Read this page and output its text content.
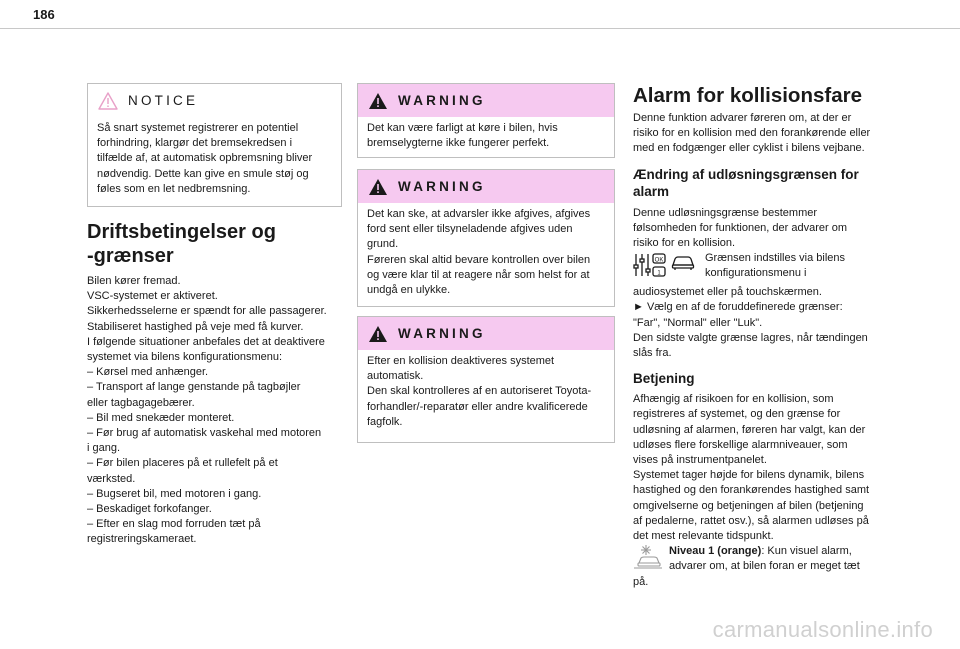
186
NOTICE
Så snart systemet registrerer en potentiel
forhindring, klargør det bremsekredsen i
tilfælde af, at automatisk opbremsning bliver
nødvendig. Dette kan give en smule støj og
føles som en let nedbremsning.
Driftsbetingelser og
-grænser

Bilen kører fremad.
VSC-systemet er aktiveret.
Sikkerhedsselerne er spændt for alle passagerer.
Stabiliseret hastighed på veje med få kurver.
I følgende situationer anbefales det at deaktivere
systemet via bilens konfigurationsmenu:
– Kørsel med anhænger.
– Transport af lange genstande på tagbøjler
eller tagbagagebærer.
– Bil med snekæder monteret.
– Før brug af automatisk vaskehal med motoren
i gang.
– Før bilen placeres på et rullefelt på et
værksted.
– Bugseret bil, med motoren i gang.
– Beskadiget forkofanger.
– Efter en slag mod forruden tæt på
registreringskameraet.

WARNING
Det kan være farligt at køre i bilen, hvis
bremselygterne ikke fungerer perfekt.
WARNING
Det kan ske, at advarsler ikke afgives, afgives
ford sent eller tilsyneladende afgives uden
grund.
Føreren skal altid bevare kontrollen over bilen
og være klar til at reagere når som helst for at
undgå en ulykke.
WARNING
Efter en kollision deaktiveres systemet
automatisk.
Den skal kontrolleres af en autoriseret Toyota-
forhandler/-reparatør eller andre kvalificerede
fagfolk.
Alarm for kollisionsfare

Denne funktion advarer føreren om, at der er
risiko for en kollision med den forankørende eller
med en fodgænger eller cyklist i bilens vejbane.

Ændring af udløsningsgrænsen for
alarm

Denne udløsningsgrænse bestemmer
følsomheden for funktionen, der advarer om
risiko for en kollision.

OK
1
Grænsen indstilles via bilens
konfigurationsmenu i

audiosystemet eller på touchskærmen.
► Vælg en af de foruddefinerede grænser:
"Far", "Normal" eller "Luk".
Den sidste valgte grænse lagres, når tændingen
slås fra.

Betjening

Afhængig af risikoen for en kollision, som
registreres af systemet, og den grænse for
udløsning af alarmen, føreren har valgt, kan der
udløses flere forskellige alarmniveauer, som
vises på instrumentpanelet.
Systemet tager højde for bilens dynamik, bilens
hastighed og den forankørendes hastighed samt
omgivelserne og betjeningen af bilen (betjening
af pedalerne, rattet osv.), så alarmen udløses på
det mest relevante tidspunkt.

Niveau 1 (orange): Kun visuel alarm,
advarer om, at bilen foran er meget tæt

på.

carmanualsonline.info
